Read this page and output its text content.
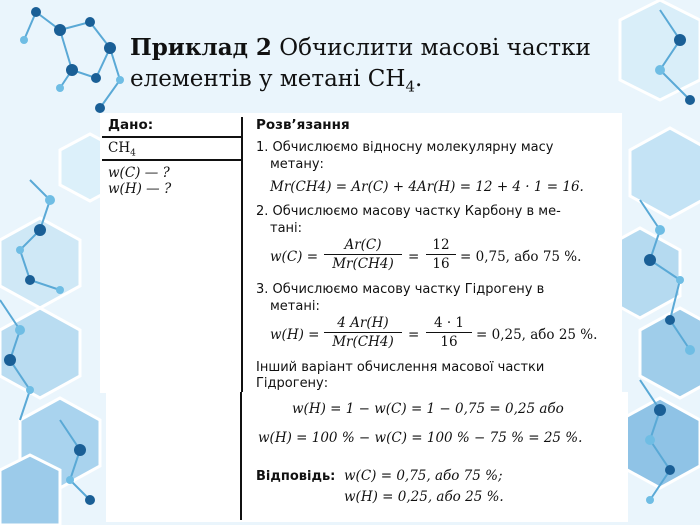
Приклад 2 Обчислити масові частки елементів у метані $СН_4$.
Дано:
$CH_4$
w(C) — ?
w(H) — ?
Розв’язання
1. Обчислюємо відносну молекулярну масу
метану:
Mr(CH4) = Ar(C) + 4Ar(H) = 12 + 4 · 1 = 16.
2. Обчислюємо масову частку Карбону в ме-
тані:
$w(C) = \frac{Ar(C)}{Mr(CH4)} = \frac{12}{16} = 0,75$, або 75 %.
3. Обчислюємо масову частку Гідрогену в
метані:
$w(H) = \frac{4 Ar(H)}{Mr(CH4)} = \frac{4 \cdot 1}{16} = 0,25$, або 25 %.
Інший варіант обчислення масової частки
Гідрогену:
w(H) = 1 − w(C) = 1 − 0,75 = 0,25 або
w(H) = 100 % − w(C) = 100 % − 75 % = 25 %.
Відповідь: w(C) = 0,75, або 75 %;
w(H) = 0,25, або 25 %.
